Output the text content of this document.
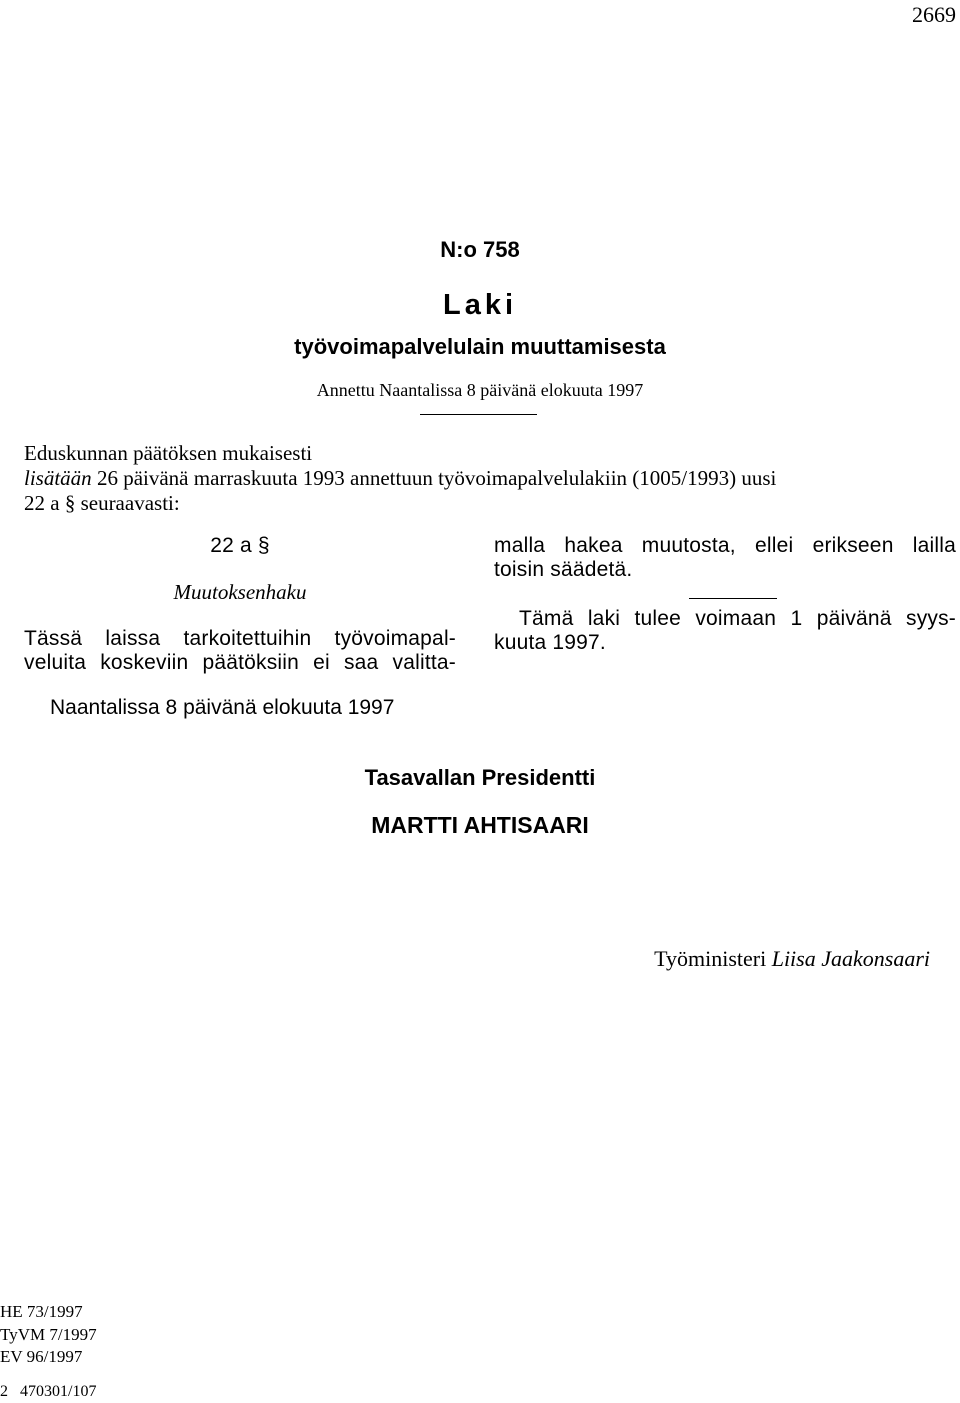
2669
N:o 758
Laki
työvoimapalvelulain muuttamisesta
Annettu Naantalissa 8 päivänä elokuuta 1997
Eduskunnan päätöksen mukaisesti
lisätään 26 päivänä marraskuuta 1993 annettuun työvoimapalvelulakiin (1005/1993) uusi
22 a § seuraavasti:
22 a §
Muutoksenhaku
Tässä laissa tarkoitettuihin työvoimapal-
veluita koskeviin päätöksiin ei saa valitta-
malla hakea muutosta, ellei erikseen lailla
toisin säädetä.
Tämä laki tulee voimaan 1 päivänä syys-
kuuta 1997.
Naantalissa 8 päivänä elokuuta 1997
Tasavallan Presidentti
MARTTI AHTISAARI
Työministeri Liisa Jaakonsaari
HE 73/1997
TyVM 7/1997
EV 96/1997
2   470301/107
